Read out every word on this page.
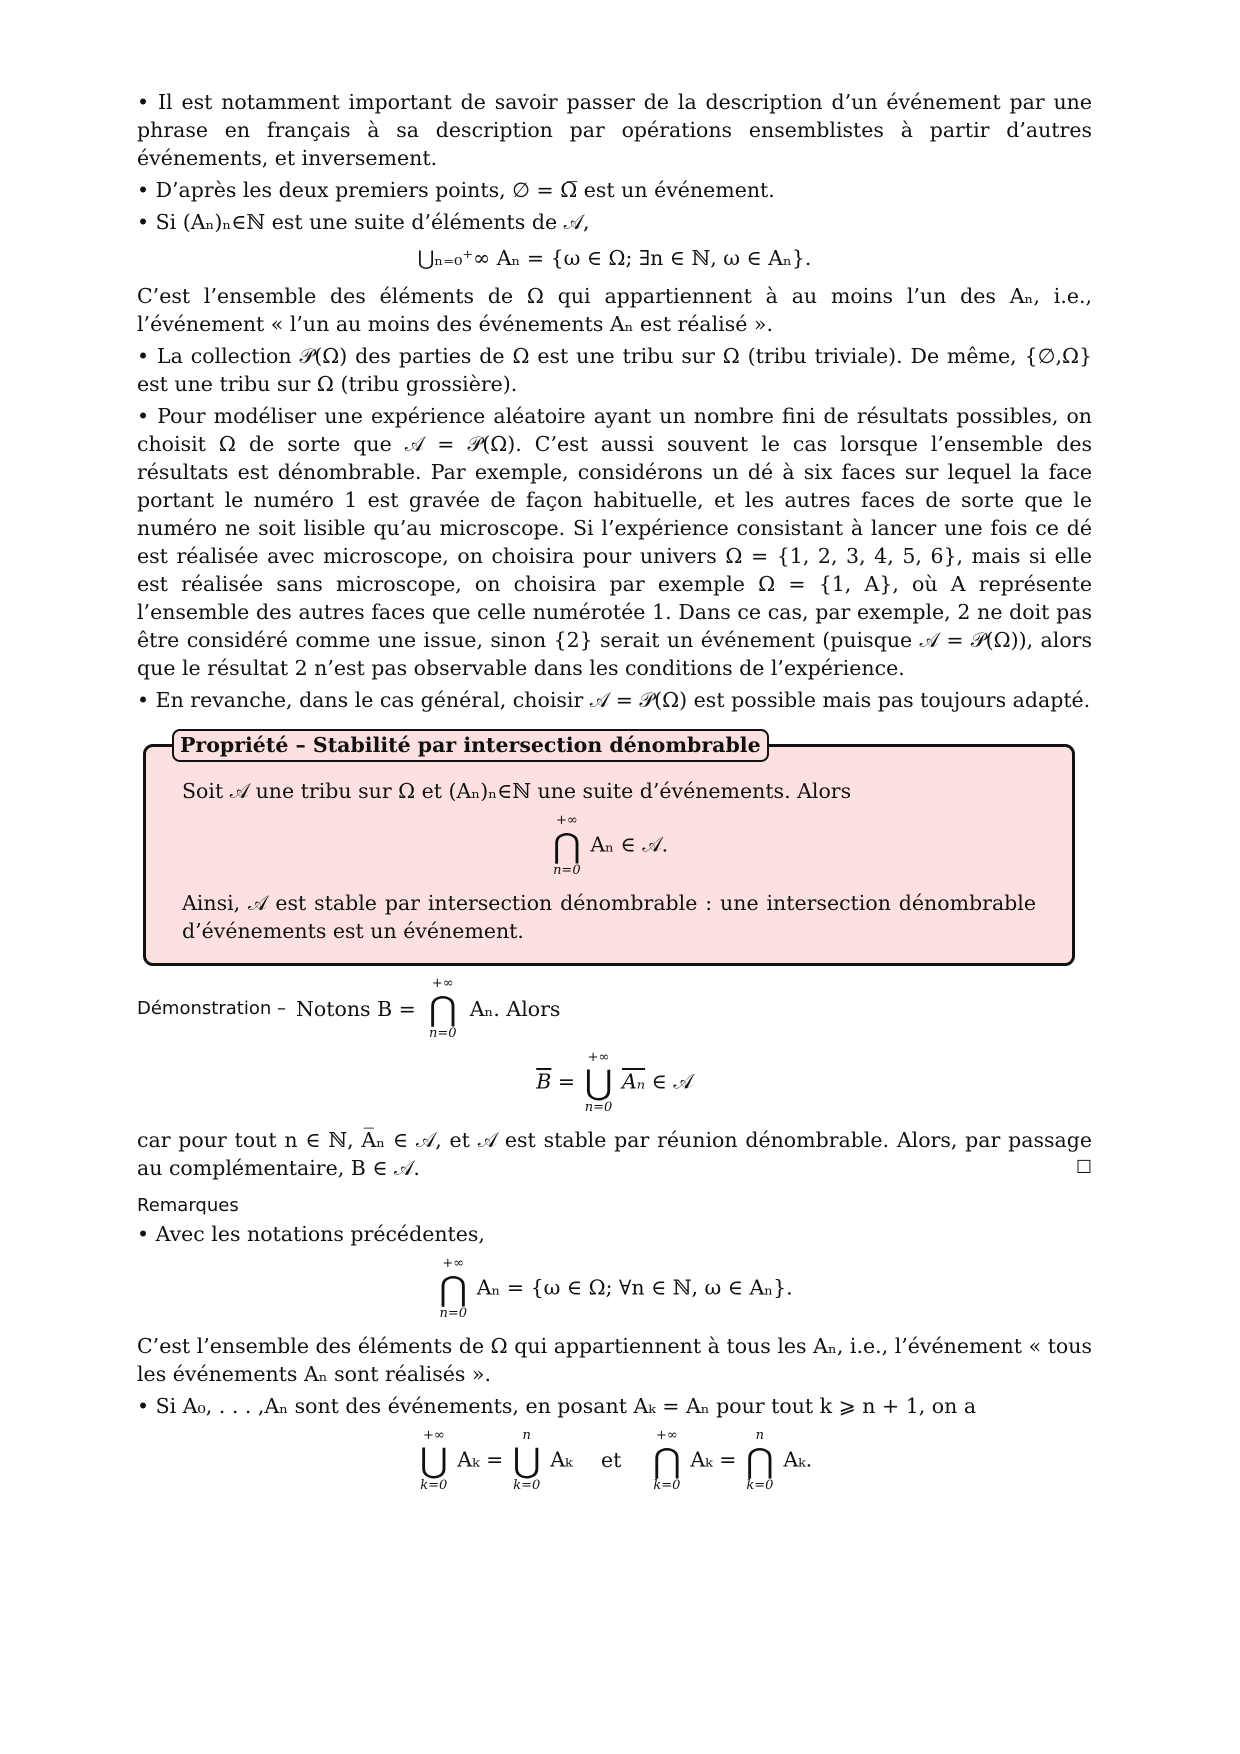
• Il est notamment important de savoir passer de la description d’un événement par une phrase en français à sa description par opérations ensemblistes à partir d’autres événements, et inversement.

• D’après les deux premiers points, ∅ = Ω̅ est un événement.

• Si (Aₙ)ₙ∈ℕ est une suite d’éléments de 𝒜,

⋃ₙ₌₀⁺∞ Aₙ = {ω ∈ Ω; ∃n ∈ ℕ, ω ∈ Aₙ}.

C’est l’ensemble des éléments de Ω qui appartiennent à au moins l’un des Aₙ, i.e., l’événement « l’un au moins des événements Aₙ est réalisé ».

• La collection 𝒫(Ω) des parties de Ω est une tribu sur Ω (tribu triviale). De même, {∅,Ω} est une tribu sur Ω (tribu grossière).

• Pour modéliser une expérience aléatoire ayant un nombre fini de résultats possibles, on choisit Ω de sorte que 𝒜 = 𝒫(Ω). C’est aussi souvent le cas lorsque l’ensemble des résultats est dénombrable. Par exemple, considérons un dé à six faces sur lequel la face portant le numéro 1 est gravée de façon habituelle, et les autres faces de sorte que le numéro ne soit lisible qu’au microscope. Si l’expérience consistant à lancer une fois ce dé est réalisée avec microscope, on choisira pour univers Ω = {1, 2, 3, 4, 5, 6}, mais si elle est réalisée sans microscope, on choisira par exemple Ω = {1, A}, où A représente l’ensemble des autres faces que celle numérotée 1. Dans ce cas, par exemple, 2 ne doit pas être considéré comme une issue, sinon {2} serait un événement (puisque 𝒜 = 𝒫(Ω)), alors que le résultat 2 n’est pas observable dans les conditions de l’expérience.

• En revanche, dans le cas général, choisir 𝒜 = 𝒫(Ω) est possible mais pas toujours adapté.

Propriété – Stabilité par intersection dénombrable

Soit 𝒜 une tribu sur Ω et (Aₙ)ₙ∈ℕ une suite d’événements. Alors

+∞
⋂
n=0
Aₙ ∈ 𝒜.

Ainsi, 𝒜 est stable par intersection dénombrable : une intersection dénombrable d’événements est un événement.

Démonstration – Notons B =
+∞
⋂
n=0
Aₙ. Alors
$\overline{B}$ =
+∞
⋃
n=0
$\overline{A_n}$ ∈ 𝒜

car pour tout n ∈ ℕ, A̅ₙ ∈ 𝒜, et 𝒜 est stable par réunion dénombrable. Alors, par passage au complémentaire, B ∈ 𝒜.	☐

Remarques

• Avec les notations précédentes,

+∞
⋂
n=0
Aₙ = {ω ∈ Ω; ∀n ∈ ℕ, ω ∈ Aₙ}.

C’est l’ensemble des éléments de Ω qui appartiennent à tous les Aₙ, i.e., l’événement « tous les événements Aₙ sont réalisés ».

• Si A₀, . . . ,Aₙ sont des événements, en posant Aₖ = Aₙ pour tout k ⩾ n + 1, on a

+∞
⋃
k=0
Aₖ =
n
⋃
k=0
Aₖ et
+∞
⋂
k=0
Aₖ =
n
⋂
k=0
Aₖ.
